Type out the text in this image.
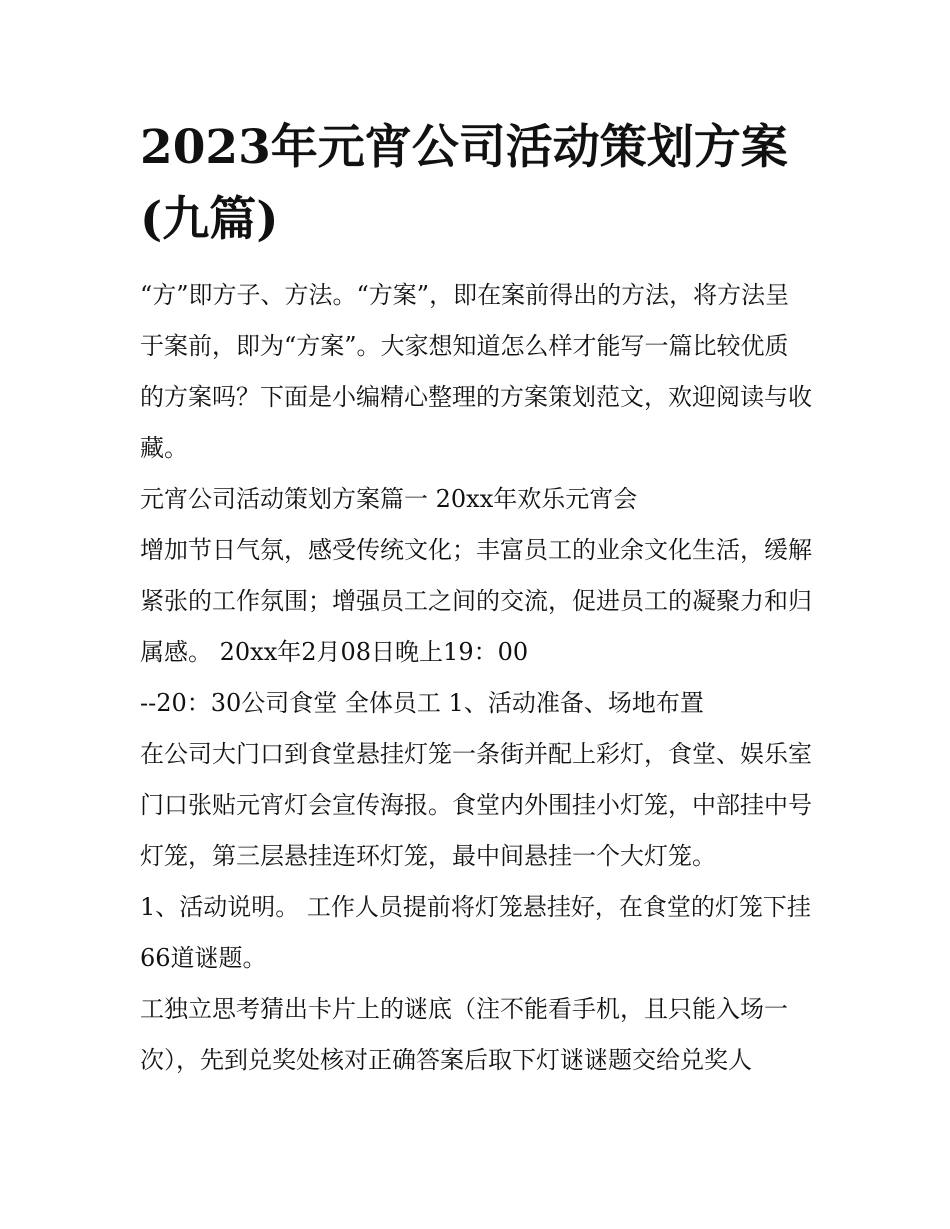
2023年元宵公司活动策划方案(九篇)

“方”即方子、方法。“方案”，即在案前得出的方法，将方法呈于案前，即为“方案”。大家想知道怎么样才能写一篇比较优质的方案吗？下面是小编精心整理的方案策划范文，欢迎阅读与收藏。

元宵公司活动策划方案篇一 20xx年欢乐元宵会

增加节日气氛，感受传统文化；丰富员工的业余文化生活，缓解紧张的工作氛围；增强员工之间的交流，促进员工的凝聚力和归属感。 20xx年2月08日晚上19：00

--20：30公司食堂 全体员工 1、活动准备、场地布置

在公司大门口到食堂悬挂灯笼一条街并配上彩灯，食堂、娱乐室门口张贴元宵灯会宣传海报。食堂内外围挂小灯笼，中部挂中号灯笼，第三层悬挂连环灯笼，最中间悬挂一个大灯笼。

1、活动说明。 工作人员提前将灯笼悬挂好，在食堂的灯笼下挂66道谜题。

工独立思考猜出卡片上的谜底（注不能看手机，且只能入场一次），先到兑奖处核对正确答案后取下灯谜谜题交给兑奖人
